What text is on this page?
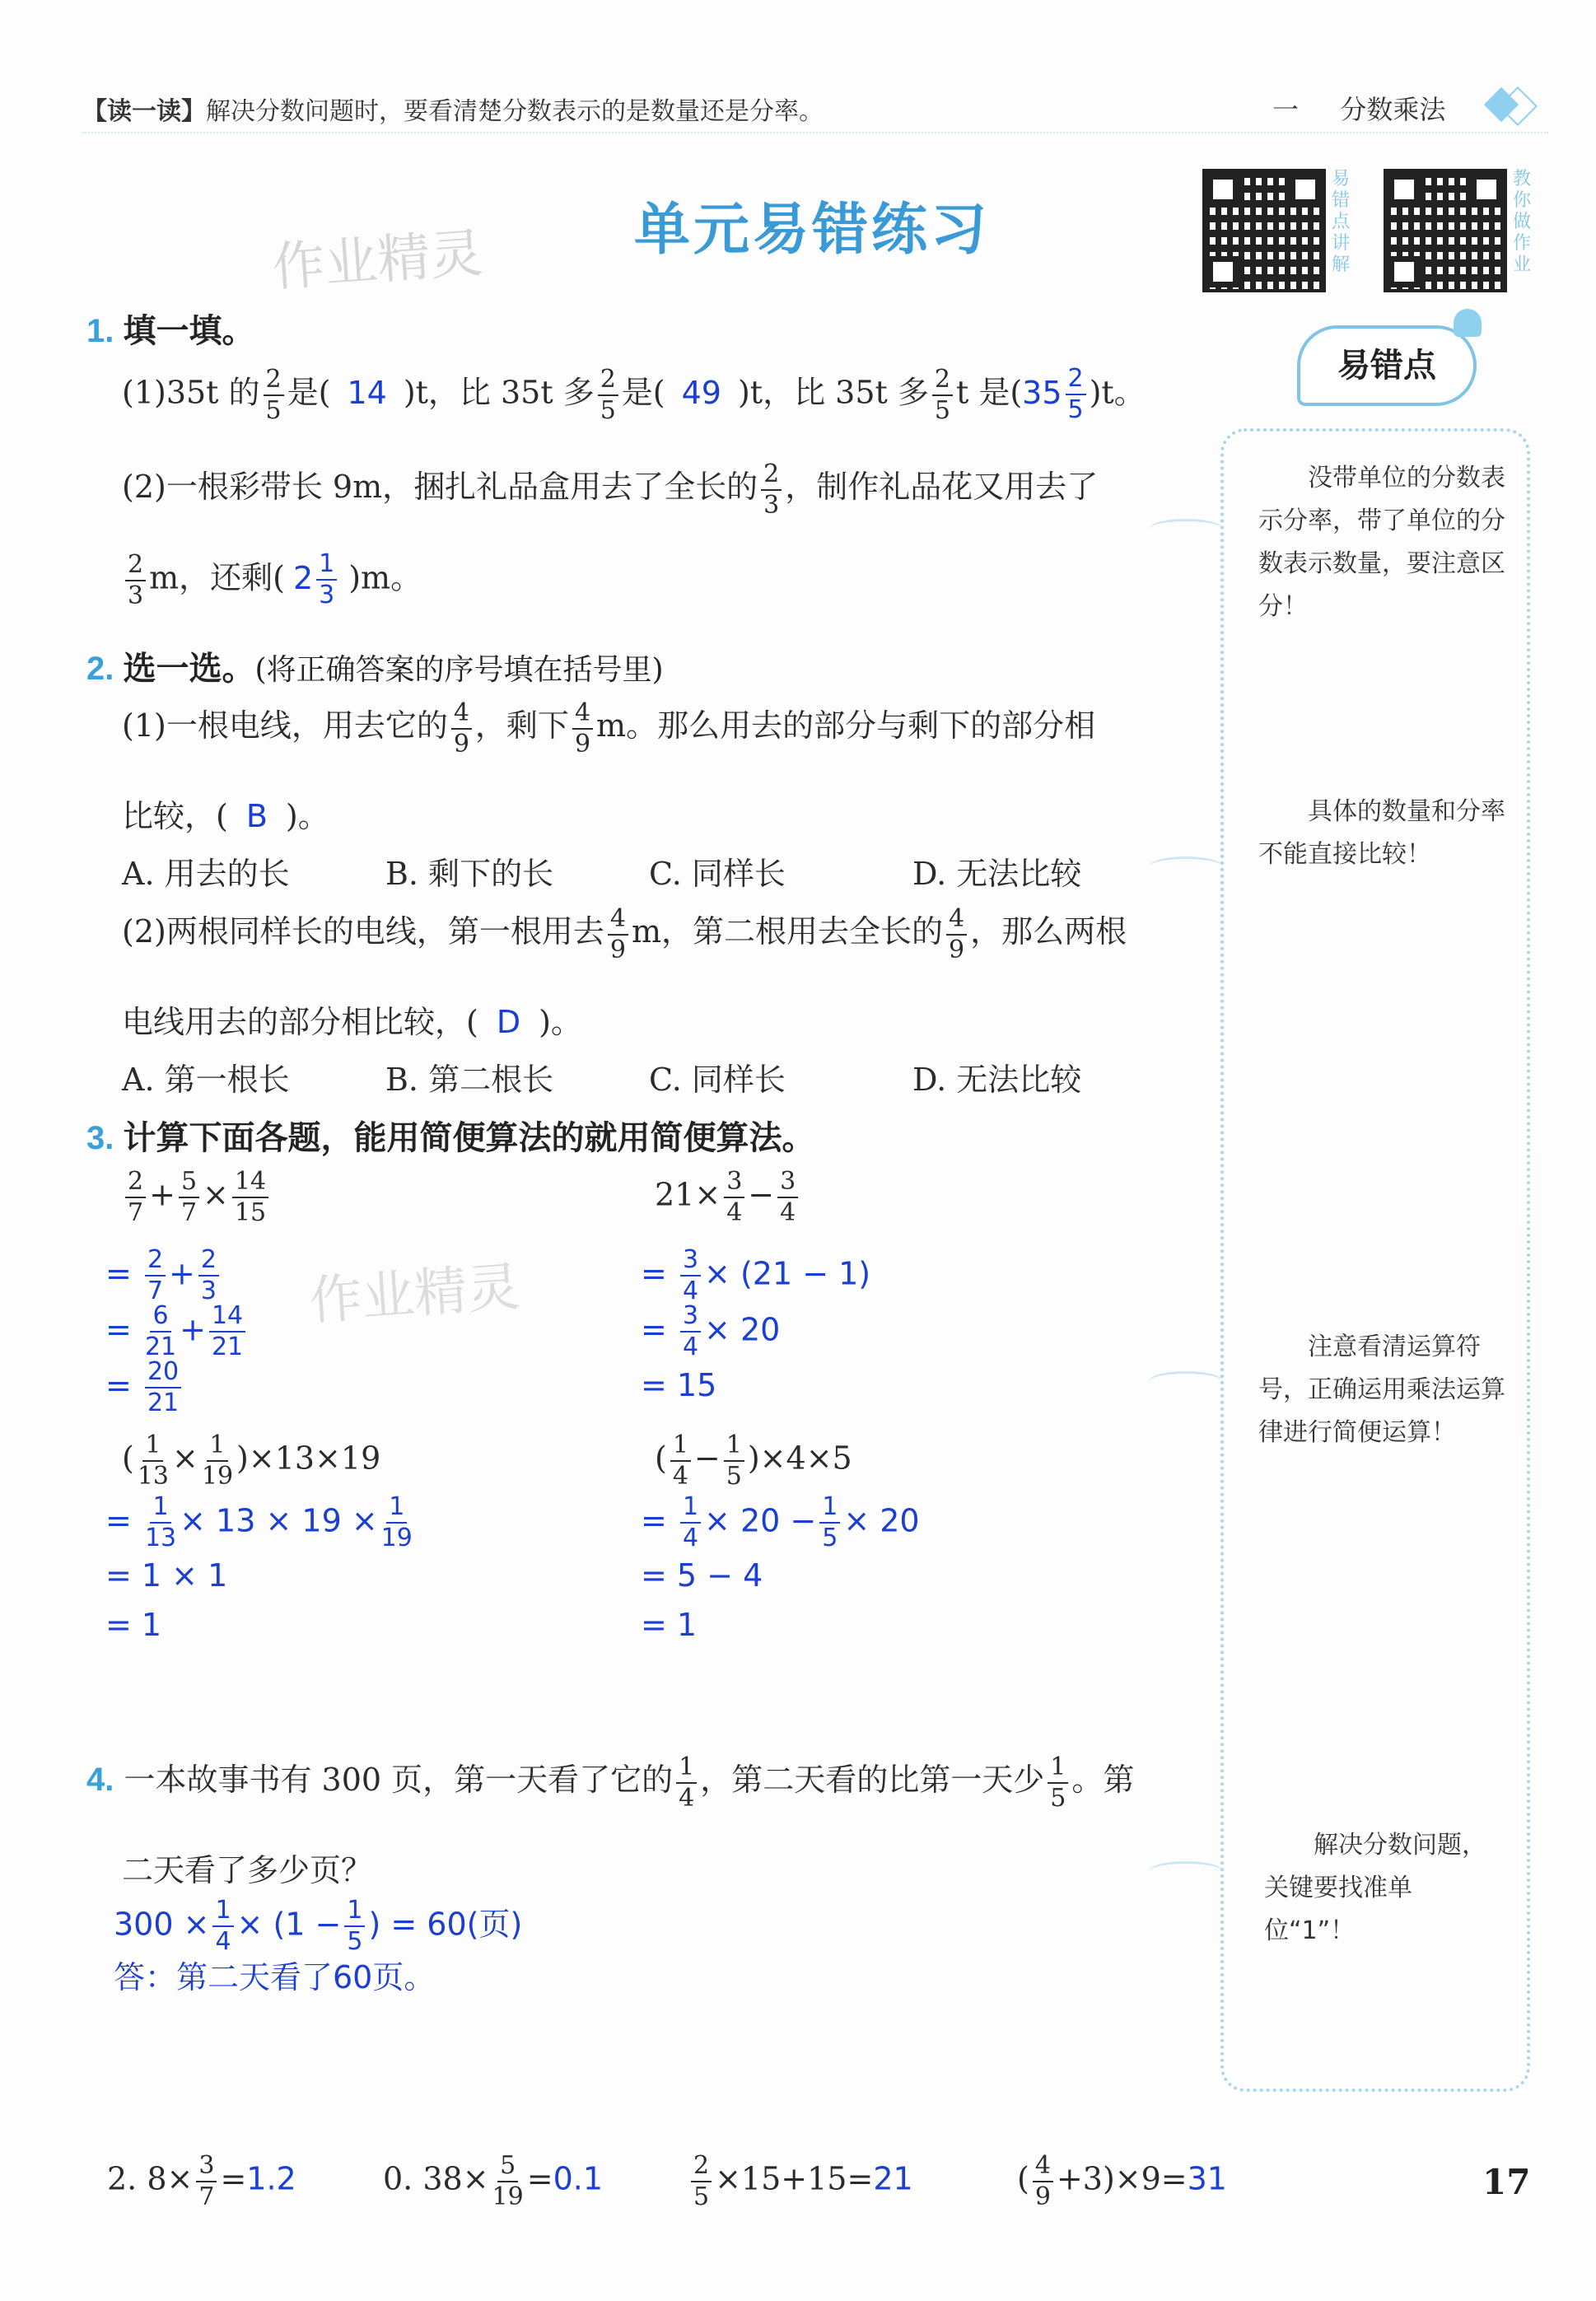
【读一读】解决分数问题时，要看清楚分数表示的是数量还是分率。	一 分数乘法
单元易错练习
作业精灵
作业精灵
易错点讲解
教你做作业
易错点
没带单位的分数表示分率，带了单位的分数表示数量，要注意区分！
具体的数量和分率不能直接比较！
注意看清运算符号，正确运用乘法运算律进行简便运算！
解决分数问题，关键要找准单位“1”！
1. 填一填。
(1)35t 的 $\frac{2}{5}$ 是( 14 )t，比 35t 多 $\frac{2}{5}$ 是( 49 )t，比 35t 多 $\frac{2}{5}$ t 是$(35 \frac{2}{5} )t$。
(2)一根彩带长 9m，捆扎礼品盒用去了全长的 $\frac{2}{3}$ ，制作礼品花又用去了
$\frac{2}{3}$ m，还剩( $2 \frac{1}{3} )m$。
2. 选一选。(将正确答案的序号填在括号里)
(1)一根电线，用去它的 $\frac{4}{9}$ ，剩下 $\frac{4}{9}$ m。那么用去的部分与剩下的部分相
比较，( B )。
A. 用去的长	B. 剩下的长	C. 同样长	D. 无法比较
(2)两根同样长的电线，第一根用去 $\frac{4}{9}$ m，第二根用去全长的 $\frac{4}{9}$ ，那么两根
电线用去的部分相比较，( D )。
A. 第一根长	B. 第二根长	C. 同样长	D. 无法比较
3. 计算下面各题，能用简便算法的就用简便算法。
$\frac{2}{7} + \frac{5}{7} \times \frac{14}{15}$
= $\frac{2}{7} + \frac{2}{3}$
= $\frac{6}{21} + \frac{14}{21}$
= $\frac{20}{21}$
$21\times \frac{3}{4} - \frac{3}{4}$
= $\frac{3}{4} \times (21 - 1)$
= $\frac{3}{4} \times 20$
= 15
( $\frac{1}{13} \times \frac{1}{19} )\times 13\times 19$
= $\frac{1}{13} \times 13 \times 19 \times \frac{1}{19}$
= 1 × 1
= 1
( $\frac{1}{4} - \frac{1}{5} )\times 4\times 5$
= $\frac{1}{4} \times 20 - \frac{1}{5} \times 20$
= 5 − 4
= 1
4. 一本故事书有 300 页，第一天看了它的 $\frac{1}{4}$ ，第二天看的比第一天少 $\frac{1}{5}$ 。第
二天看了多少页？
$300 \times \frac{1}{4} \times (1 - \frac{1}{5}$ ) = 60(页)
答：第二天看了60页。
2. $8\times \frac{3}{7} =1.2$	0. $38\times \frac{5}{19} =0.1$	$\frac{2}{5} \times 15+15=21$	( $\frac{4}{9} +3)\times 9=31$	17
